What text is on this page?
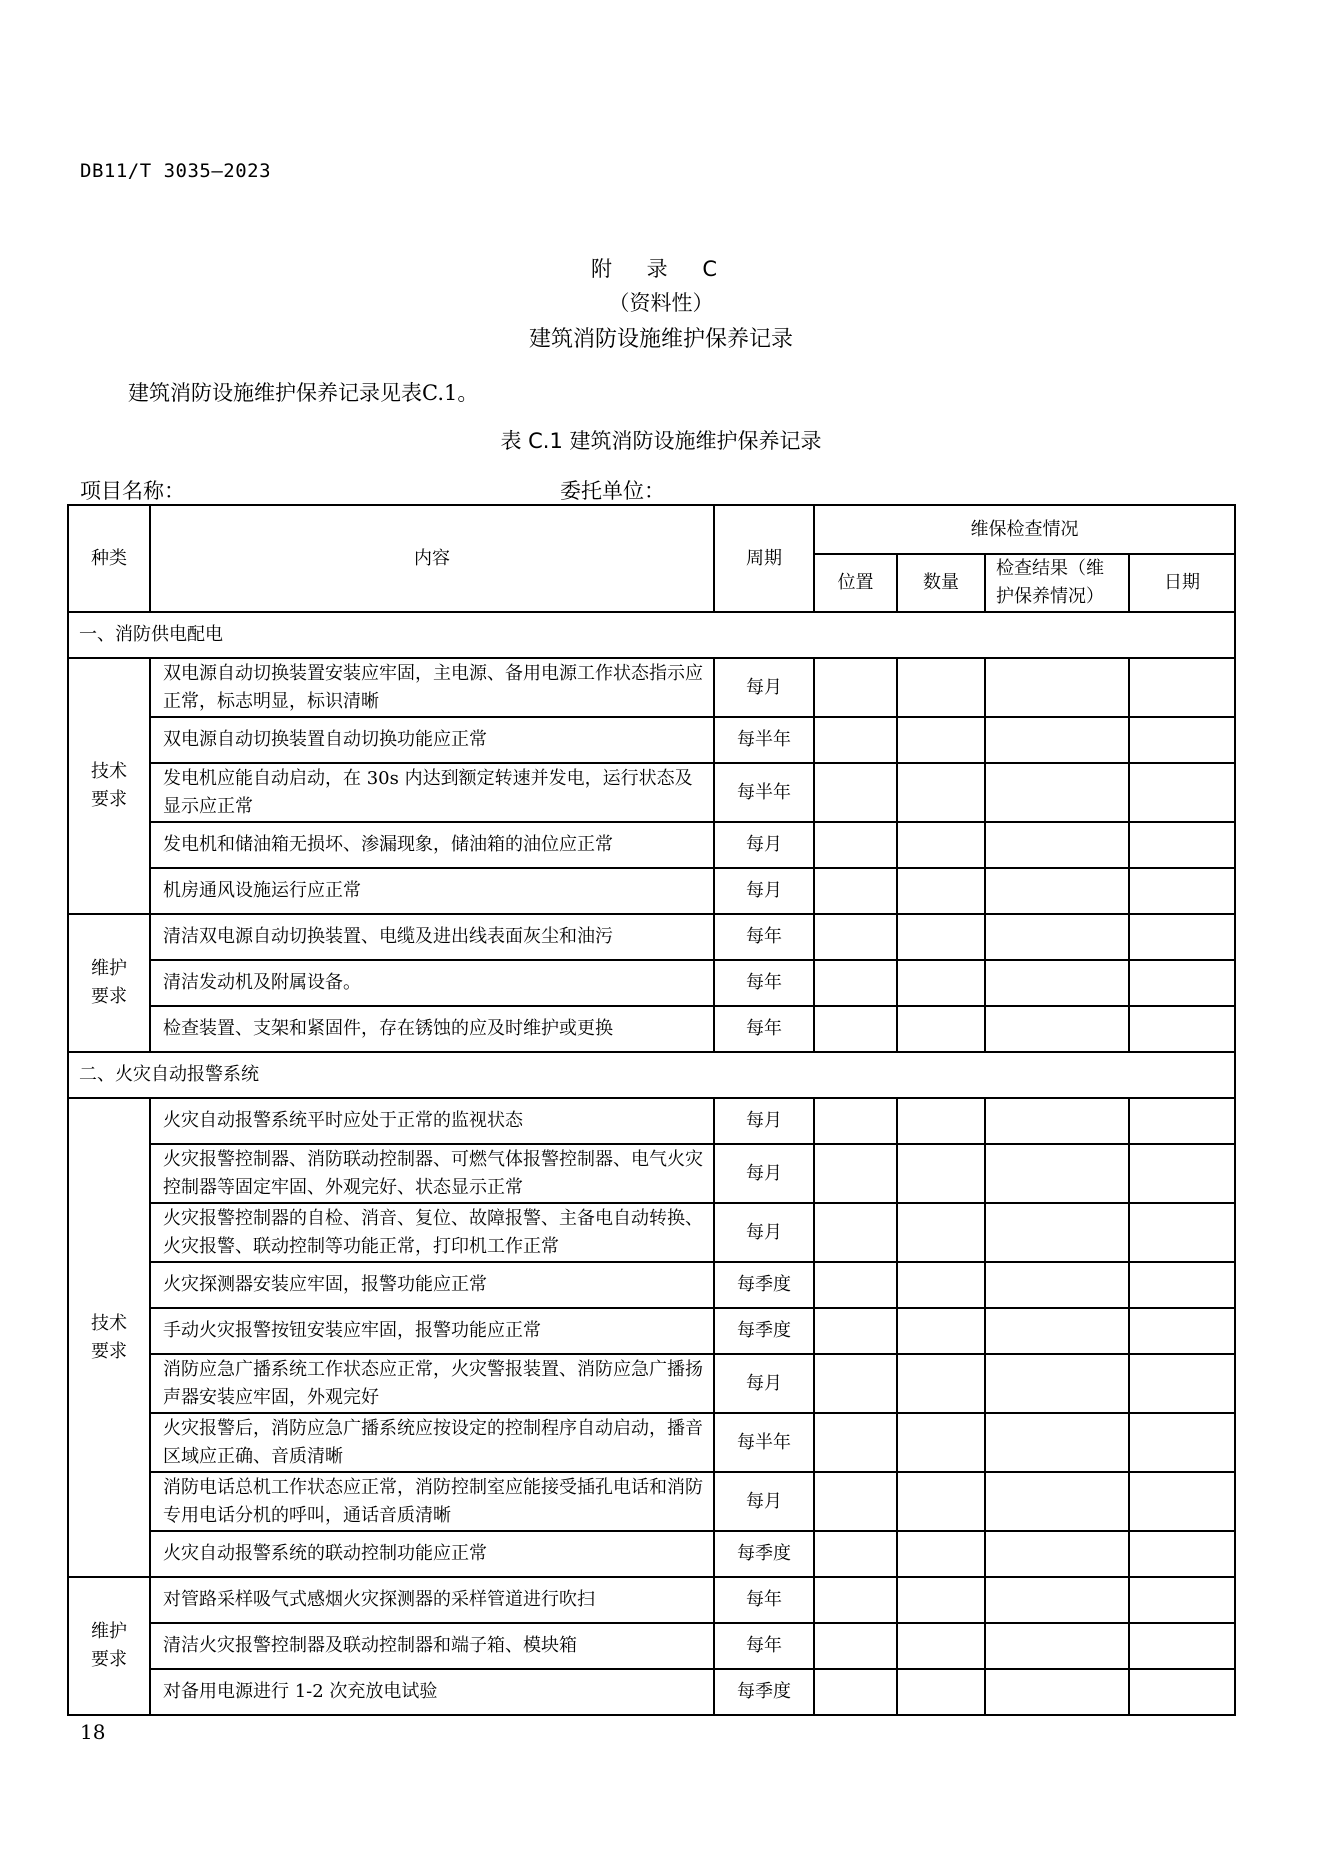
DB11/T 3035—2023
附 录 C
（资料性）
建筑消防设施维护保养记录
建筑消防设施维护保养记录见表C.1。
表 C.1 建筑消防设施维护保养记录
项目名称：	委托单位：
种类	内容	周期	维保检查情况			
			位置	数量	检查结果（维护保养情况）	日期
一、消防供电配电						

技术要求	双电源自动切换装置安装应牢固，主电源、备用电源工作状态指示应正常，标志明显，标识清晰	每月				
	双电源自动切换装置自动切换功能应正常	每半年				
	发电机应能自动启动，在 30s 内达到额定转速并发电，运行状态及显示应正常	每半年				
	发电机和储油箱无损坏、渗漏现象，储油箱的油位应正常	每月				
	机房通风设施运行应正常	每月				

维护要求	清洁双电源自动切换装置、电缆及进出线表面灰尘和油污	每年				
	清洁发动机及附属设备。	每年				
	检查装置、支架和紧固件，存在锈蚀的应及时维护或更换	每年				
二、火灾自动报警系统						

技术要求	火灾自动报警系统平时应处于正常的监视状态	每月				
	火灾报警控制器、消防联动控制器、可燃气体报警控制器、电气火灾控制器等固定牢固、外观完好、状态显示正常	每月				
	火灾报警控制器的自检、消音、复位、故障报警、主备电自动转换、火灾报警、联动控制等功能正常，打印机工作正常	每月				
	火灾探测器安装应牢固，报警功能应正常	每季度				
	手动火灾报警按钮安装应牢固，报警功能应正常	每季度				
	消防应急广播系统工作状态应正常，火灾警报装置、消防应急广播扬声器安装应牢固，外观完好	每月				
	火灾报警后，消防应急广播系统应按设定的控制程序自动启动，播音区域应正确、音质清晰	每半年				
	消防电话总机工作状态应正常，消防控制室应能接受插孔电话和消防专用电话分机的呼叫，通话音质清晰	每月				
	火灾自动报警系统的联动控制功能应正常	每季度				

维护要求	对管路采样吸气式感烟火灾探测器的采样管道进行吹扫	每年				
	清洁火灾报警控制器及联动控制器和端子箱、模块箱	每年				
	对备用电源进行 1-2 次充放电试验	每季度				
18
